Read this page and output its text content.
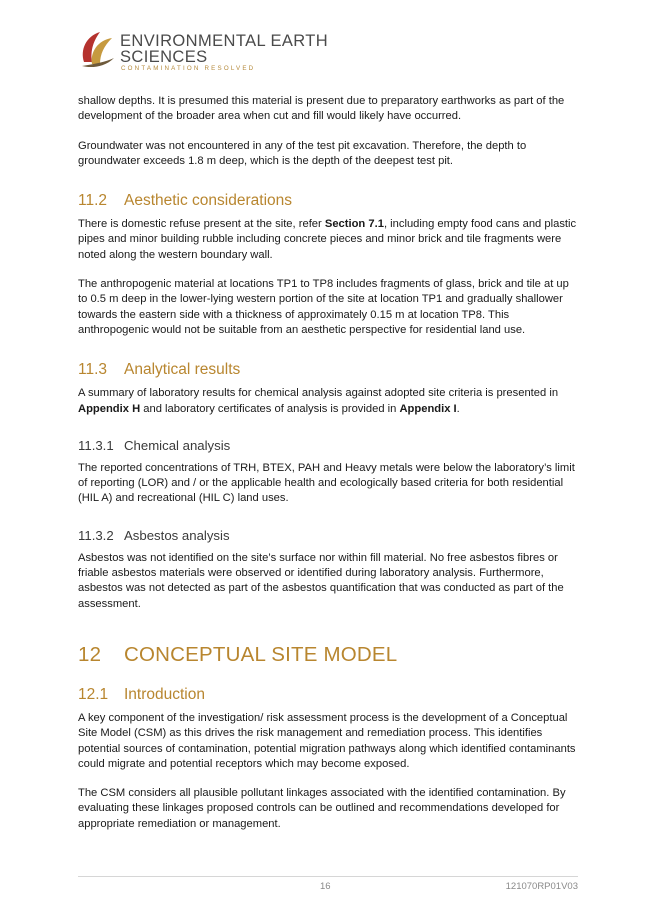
ENVIRONMENTAL EARTH
SCIENCES
CONTAMINATION RESOLVED

shallow depths. It is presumed this material is present due to preparatory earthworks as part of the development of the broader area when cut and fill would likely have occurred.

Groundwater was not encountered in any of the test pit excavation. Therefore, the depth to groundwater exceeds 1.8 m deep, which is the depth of the deepest test pit.

11.2 Aesthetic considerations

There is domestic refuse present at the site, refer Section 7.1, including empty food cans and plastic pipes and minor building rubble including concrete pieces and minor brick and tile fragments were noted along the western boundary wall.

The anthropogenic material at locations TP1 to TP8 includes fragments of glass, brick and tile at up to 0.5 m deep in the lower-lying western portion of the site at location TP1 and gradually shallower towards the eastern side with a thickness of approximately 0.15 m at location TP8. This anthropogenic would not be suitable from an aesthetic perspective for residential land use.

11.3 Analytical results

A summary of laboratory results for chemical analysis against adopted site criteria is presented in Appendix H and laboratory certificates of analysis is provided in Appendix I.

11.3.1 Chemical analysis

The reported concentrations of TRH, BTEX, PAH and Heavy metals were below the laboratory’s limit of reporting (LOR) and / or the applicable health and ecologically based criteria for both residential (HIL A) and recreational (HIL C) land uses.

11.3.2 Asbestos analysis

Asbestos was not identified on the site’s surface nor within fill material. No free asbestos fibres or friable asbestos materials were observed or identified during laboratory analysis. Furthermore, asbestos was not detected as part of the asbestos quantification that was conducted as part of the assessment.

12 CONCEPTUAL SITE MODEL
12.1 Introduction

A key component of the investigation/ risk assessment process is the development of a Conceptual Site Model (CSM) as this drives the risk management and remediation process. This identifies potential sources of contamination, potential migration pathways along which identified contaminants could migrate and potential receptors which may become exposed.

The CSM considers all plausible pollutant linkages associated with the identified contamination. By evaluating these linkages proposed controls can be outlined and recommendations developed for appropriate remediation or management.

16	121070RP01V03
